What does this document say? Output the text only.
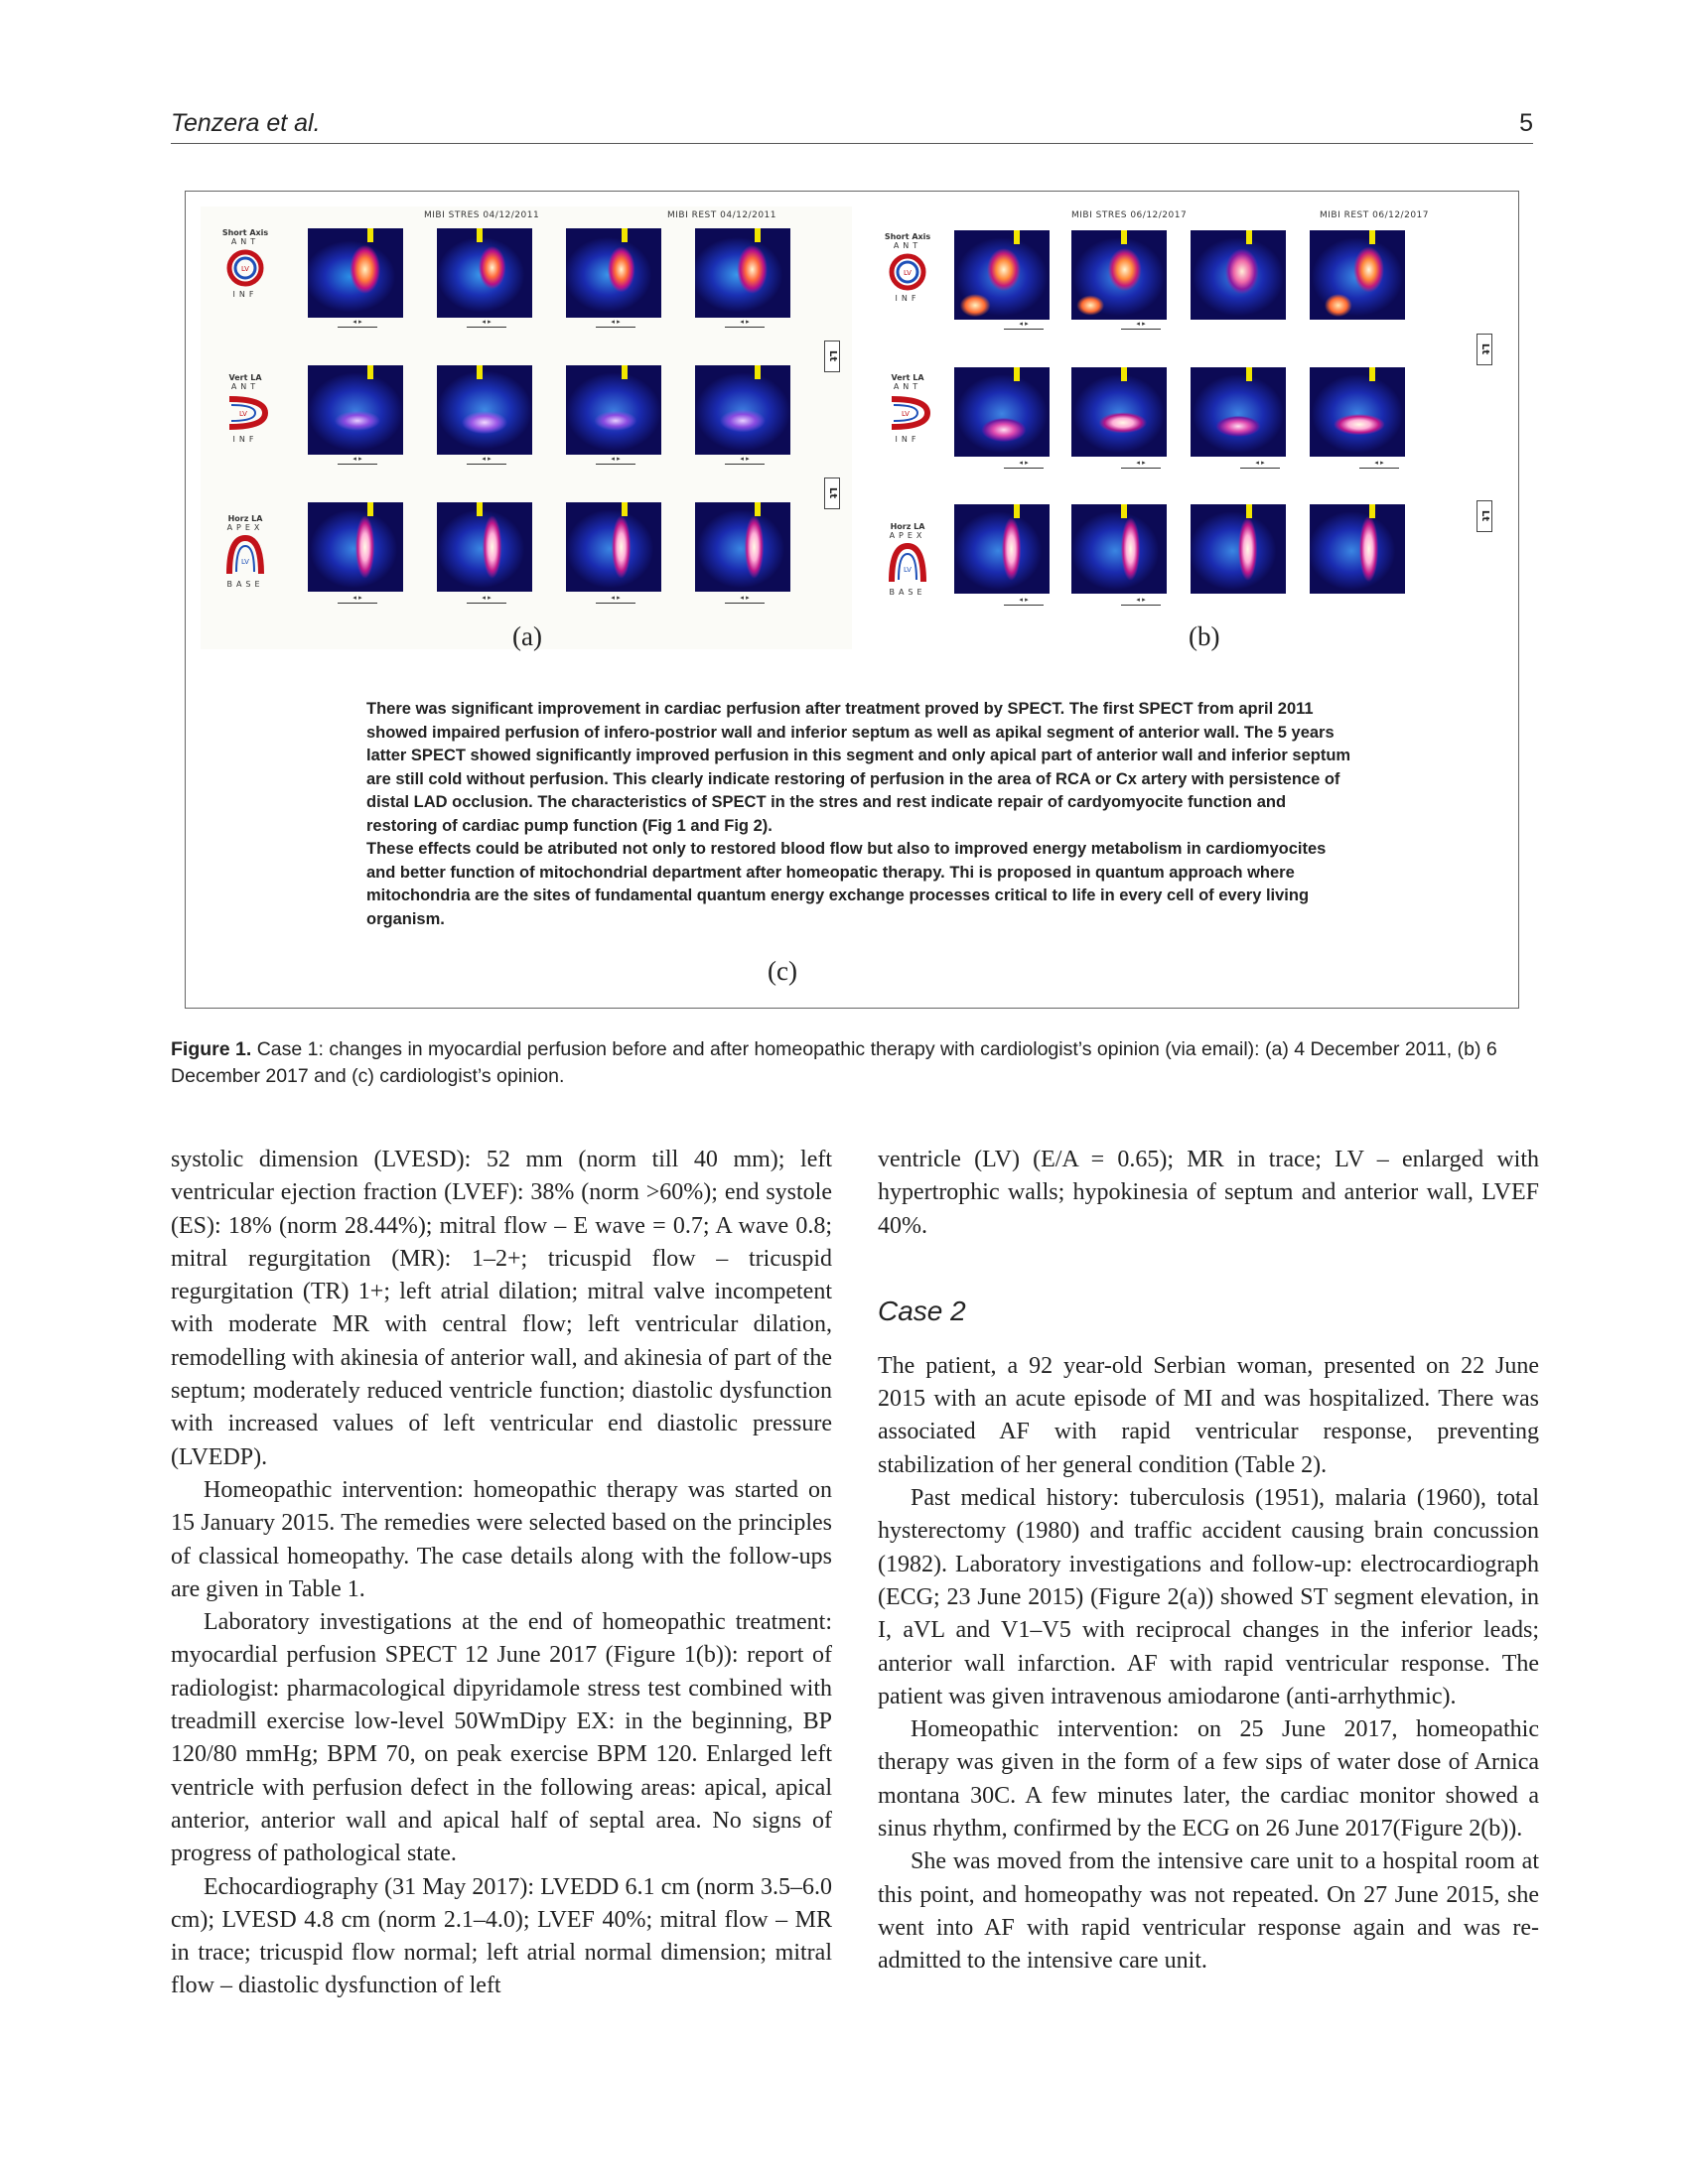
Tenzera et al.	5
MIBI STRES 04/12/2011	MIBI REST 04/12/2011
Short Axis
ANT
LV
INF
Vert LA
ANT
LV
INF
Horz LA
APEX
LV
BASE
◂ ▸	◂ ▸	◂ ▸	◂ ▸
◂ ▸	◂ ▸	◂ ▸	◂ ▸
◂ ▸	◂ ▸	◂ ▸	◂ ▸
(a)
Lt
Lt
MIBI STRES 06/12/2017	MIBI REST 06/12/2017
Short Axis
ANT
LV
INF
Vert LA
ANT
LV
INF
Horz LA
APEX
LV
BASE
◂ ▸	◂ ▸
◂ ▸	◂ ▸	◂ ▸	◂ ▸
◂ ▸	◂ ▸
Lt
Lt
(b)

There was significant improvement in cardiac perfusion after treatment proved by SPECT. The first SPECT from april 2011 showed impaired perfusion of infero-postrior wall and inferior septum as well as apikal segment of anterior wall. The 5 years latter SPECT showed significantly improved perfusion in this segment and only apical part of anterior wall and inferior septum are still cold without perfusion. This clearly indicate restoring of perfusion in the area of RCA or Cx artery with persistence of distal LAD occlusion. The characteristics of SPECT in the stres and rest indicate repair of cardyomyocite function and restoring of cardiac pump function (Fig 1 and Fig 2).

These effects could be atributed not only to restored blood flow but also to improved energy metabolism in cardiomyocites and better function of mitochondrial department after homeopatic therapy. Thi is proposed in quantum approach where mitochondria are the sites of fundamental quantum energy exchange processes critical to life in every cell of every living organism.

(c)
Figure 1. Case 1: changes in myocardial perfusion before and after homeopathic therapy with cardiologist’s opinion (via email): (a) 4 December 2011, (b) 6 December 2017 and (c) cardiologist’s opinion.

systolic dimension (LVESD): 52 mm (norm till 40 mm); left ventricular ejection fraction (LVEF): 38% (norm >60%); end systole (ES): 18% (norm 28.44%); mitral flow – E wave = 0.7; A wave 0.8; mitral regurgitation (MR): 1–2+; tricuspid flow – tricuspid regurgitation (TR) 1+; left atrial dilation; mitral valve incompetent with moderate MR with central flow; left ventricular dilation, remodelling with akinesia of anterior wall, and akinesia of part of the septum; moderately reduced ventricle function; diastolic dysfunction with increased values of left ventricular end diastolic pressure (LVEDP).

Homeopathic intervention: homeopathic therapy was started on 15 January 2015. The remedies were selected based on the principles of classical homeopathy. The case details along with the follow-ups are given in Table 1.

Laboratory investigations at the end of homeopathic treatment: myocardial perfusion SPECT 12 June 2017 (Figure 1(b)): report of radiologist: pharmacological dipyridamole stress test combined with treadmill exercise low-level 50WmDipy EX: in the beginning, BP 120/80 mmHg; BPM 70, on peak exercise BPM 120. Enlarged left ventricle with perfusion defect in the following areas: apical, apical anterior, anterior wall and apical half of septal area. No signs of progress of pathological state.

Echocardiography (31 May 2017): LVEDD 6.1 cm (norm 3.5–6.0 cm); LVESD 4.8 cm (norm 2.1–4.0); LVEF 40%; mitral flow – MR in trace; tricuspid flow normal; left atrial normal dimension; mitral flow – diastolic dysfunction of left

ventricle (LV) (E/A = 0.65); MR in trace; LV – enlarged with hypertrophic walls; hypokinesia of septum and anterior wall, LVEF 40%.

Case 2

The patient, a 92 year-old Serbian woman, presented on 22 June 2015 with an acute episode of MI and was hospitalized. There was associated AF with rapid ventricular response, preventing stabilization of her general condition (Table 2).

Past medical history: tuberculosis (1951), malaria (1960), total hysterectomy (1980) and traffic accident causing brain concussion (1982). Laboratory investigations and follow-up: electrocardiograph (ECG; 23 June 2015) (Figure 2(a)) showed ST segment elevation, in I, aVL and V1–V5 with reciprocal changes in the inferior leads; anterior wall infarction. AF with rapid ventricular response. The patient was given intravenous amiodarone (anti-arrhythmic).

Homeopathic intervention: on 25 June 2017, homeopathic therapy was given in the form of a few sips of water dose of Arnica montana 30C. A few minutes later, the cardiac monitor showed a sinus rhythm, confirmed by the ECG on 26 June 2017(Figure 2(b)).

She was moved from the intensive care unit to a hospital room at this point, and homeopathy was not repeated. On 27 June 2015, she went into AF with rapid ventricular response again and was re-admitted to the intensive care unit.
